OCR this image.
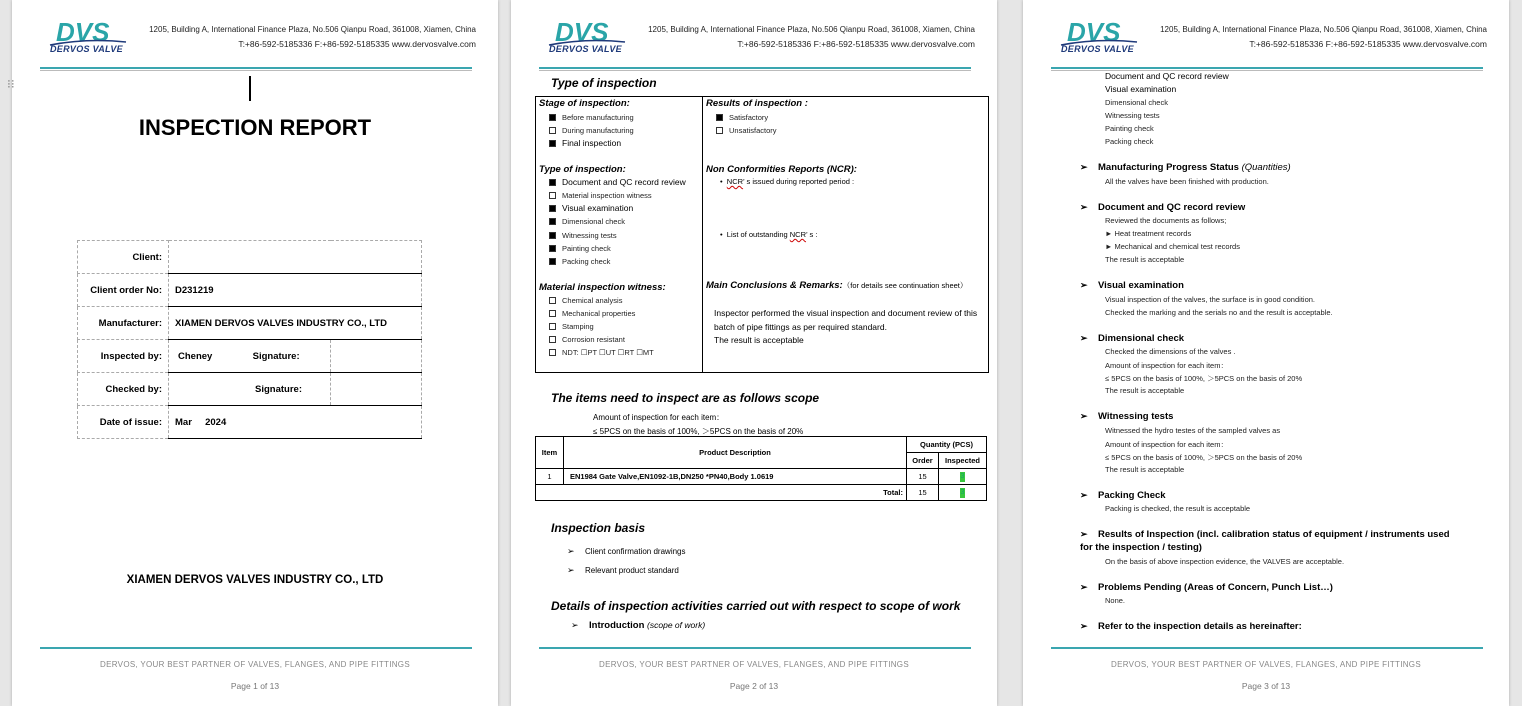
DVS
DERVOS VALVE
1205, Building A, International Finance Plaza, No.506 Qianpu Road, 361008, Xiamen, China
T:+86-592-5185336 F:+86-592-5185335 www.dervosvalve.com
⁝⁝
INSPECTION REPORT
Client:		
Client order No:	D231219	
Manufacturer:	XIAMEN DERVOS VALVES INDUSTRY CO., LTD	
Inspected by:	Cheney Signature:	
Checked by:	Signature:	
Date of issue:	Mar     2024	
XIAMEN DERVOS VALVES INDUSTRY CO., LTD
DERVOS, YOUR BEST PARTNER OF VALVES, FLANGES, AND PIPE FITTINGS
Page 1 of 13
DVS
DERVOS VALVE
1205, Building A, International Finance Plaza, No.506 Qianpu Road, 361008, Xiamen, China
T:+86-592-5185336 F:+86-592-5185335 www.dervosvalve.com
Type of inspection
Stage of inspection:
Before manufacturing
During manufacturing
Final inspection
Type of inspection:
Document and QC record review
Material inspection witness
Visual examination
Dimensional check
Witnessing tests
Painting check
Packing check
Material inspection witness:
Chemical analysis
Mechanical properties
Stamping
Corrosion resistant
NDT: ☐PT ☐UT ☐RT ☐MT
Results of inspection :
Satisfactory
Unsatisfactory
Non Conformities Reports (NCR):
•  NCR’ s issued during reported period :
•  List of outstanding NCR’ s :
Main Conclusions & Remarks:（for details see continuation sheet）
Inspector performed the visual inspection and document review of this batch of pipe fittings as per required standard.
The result is acceptable
The items need to inspect are as follows scope
Amount of inspection for each item：
≤ 5PCS on the basis of 100%, ＞5PCS on the basis of 20%
Item	Product Description	Quantity (PCS)	
		Order	Inspected
1	EN1984 Gate Valve,EN1092-1B,DN250 *PN40,Body 1.0619	15	3
Total:		15	3
Inspection basis
➢ Client confirmation drawings
➢ Relevant product standard
Details of inspection activities carried out with respect to scope of work
➢ Introduction (scope of work)
DERVOS, YOUR BEST PARTNER OF VALVES, FLANGES, AND PIPE FITTINGS
Page 2 of 13
DVS
DERVOS VALVE
1205, Building A, International Finance Plaza, No.506 Qianpu Road, 361008, Xiamen, China
T:+86-592-5185336 F:+86-592-5185335 www.dervosvalve.com
Document and QC record review
Visual examination
Dimensional check
Witnessing tests
Painting check
Packing check
➢ Manufacturing Progress Status (Quantities)
All the valves have been finished with production.
➢ Document and QC record review
Reviewed the documents as follows;
► Heat treatment records
► Mechanical and chemical test records
The result is acceptable
➢ Visual examination
Visual inspection of the valves, the surface is in good condition.
Checked the marking and the serials no and the result is acceptable.
➢ Dimensional check
Checked the dimensions of the valves .
Amount of inspection for each item：
≤ 5PCS on the basis of 100%, ＞5PCS on the basis of 20%
The result is acceptable
➢ Witnessing tests
Witnessed the hydro testes of the sampled valves as
Amount of inspection for each item：
≤ 5PCS on the basis of 100%, ＞5PCS on the basis of 20%
The result is acceptable
➢ Packing Check
Packing is checked, the result is acceptable
➢ Results of Inspection (incl. calibration status of equipment / instruments used
for the inspection / testing)
On the basis of above inspection evidence, the VALVES are acceptable.
➢ Problems Pending (Areas of Concern, Punch List…)
None.
➢ Refer to the inspection details as hereinafter:
DERVOS, YOUR BEST PARTNER OF VALVES, FLANGES, AND PIPE FITTINGS
Page 3 of 13
